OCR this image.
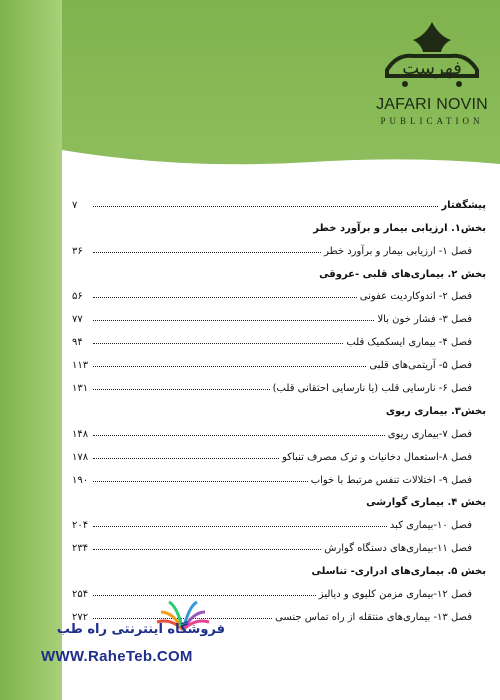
فهرست
JAFARI NOVIN
PUBLICATION
پیشگفتار
۷
بخش۱. ارزیابی بیمار و برآورد خطر
فصل ۱- ارزیابی بیمار و برآورد خطر
۳۶
بخش ۲. بیماری‌های قلبی -عروقی
فصل ۲- اندوکاردیت عفونی
۵۶
فصل ۳- فشار خون بالا
۷۷
فصل ۴- بیماری ایسکمیک قلب
۹۴
فصل ۵- آریتمی‌های قلبی
۱۱۳
فصل ۶- نارسایی قلب (یا نارسایی احتقانی قلب)
۱۳۱
بخش۳. بیماری ریوی
فصل ۷-بیماری ریوی
۱۴۸
فصل ۸-استعمال دخانیات و ترک مصرف تنباکو
۱۷۸
فصل ۹- اختلالات تنفس مرتبط با خواب
۱۹۰
بخش ۴. بیماری گوارشی
فصل ۱۰-بیماری کبد
۲۰۴
فصل ۱۱-بیماری‌های دستگاه گوارش
۲۳۴
بخش ۵. بیماری‌های ادراری- تناسلی
فصل ۱۲-بیماری مزمن کلیوی و دیالیز
۲۵۴
فصل ۱۳- بیماری‌های منتقله از راه تماس جنسی
۲۷۲
فروشگاه اینترنتی راه طب
WWW.RaheTeb.COM
